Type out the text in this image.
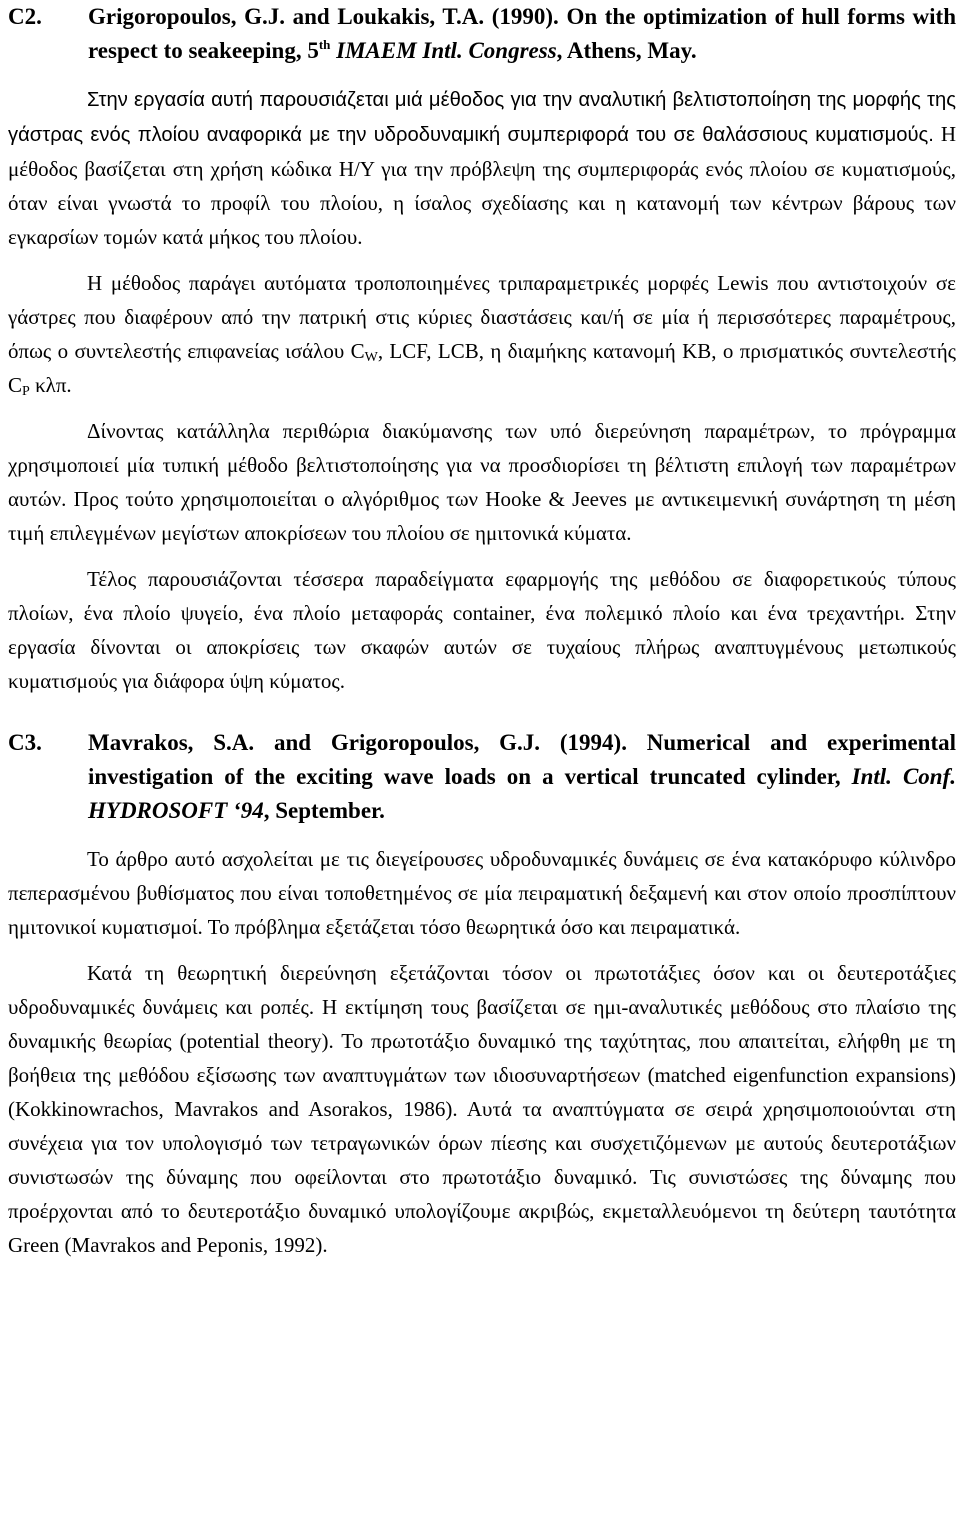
C2.	Grigoropoulos, G.J. and Loukakis, T.A. (1990). On the optimization of hull forms with respect to seakeeping, 5th IMAEM Intl. Congress, Athens, May.

Στην εργασία αυτή παρουσιάζεται μιά μέθοδος για την αναλυτική βελτιστοποίηση της μορφής της γάστρας ενός πλοίου αναφορικά με την υδροδυναμική συμπεριφορά του σε θαλάσσιους κυματισμούς. Η μέθοδος βασίζεται στη χρήση κώδικα Η/Υ για την πρόβλεψη της συμπεριφοράς ενός πλοίου σε κυματισμούς, όταν είναι γνωστά το προφίλ του πλοίου, η ίσαλος σχεδίασης και η κατανομή των κέντρων βάρους των εγκαρσίων τομών κατά μήκος του πλοίου.

Η μέθοδος παράγει αυτόματα τροποποιημένες τριπαραμετρικές μορφές Lewis που αντιστοιχούν σε γάστρες που διαφέρουν από την πατρική στις κύριες διαστάσεις και/ή σε μία ή περισσότερες παραμέτρους, όπως ο συντελεστής επιφανείας ισάλου $C_W$, LCF, LCB, η διαμήκης κατανομή ΚΒ, ο πρισματικός συντελεστής $C_P$ κλπ.

Δίνοντας κατάλληλα περιθώρια διακύμανσης των υπό διερεύνηση παραμέτρων, το πρόγραμμα χρησιμοποιεί μία τυπική μέθοδο βελτιστοποίησης για να προσδιορίσει τη βέλτιστη επιλογή των παραμέτρων αυτών. Προς τούτο χρησιμοποιείται ο αλγόριθμος των Hooke & Jeeves με αντικειμενική συνάρτηση τη μέση τιμή επιλεγμένων μεγίστων αποκρίσεων του πλοίου σε ημιτονικά κύματα.

Τέλος παρουσιάζονται τέσσερα παραδείγματα εφαρμογής της μεθόδου σε διαφορετικούς τύπους πλοίων, ένα πλοίο ψυγείο, ένα πλοίο μεταφοράς container, ένα πολεμικό πλοίο και ένα τρεχαντήρι. Στην εργασία δίνονται οι αποκρίσεις των σκαφών αυτών σε τυχαίους πλήρως αναπτυγμένους μετωπικούς κυματισμούς για διάφορα ύψη κύματος.

C3.	Mavrakos, S.A. and Grigoropoulos, G.J. (1994). Numerical and experimental investigation of the exciting wave loads on a vertical truncated cylinder, Intl. Conf. HYDROSOFT ‘94, September.

Το άρθρο αυτό ασχολείται με τις διεγείρουσες υδροδυναμικές δυνάμεις σε ένα κατακόρυφο κύλινδρο πεπερασμένου βυθίσματος που είναι τοποθετημένος σε μία πειραματική δεξαμενή και στον οποίο προσπίπτουν ημιτονικοί κυματισμοί. Το πρόβλημα εξετάζεται τόσο θεωρητικά όσο και πειραματικά.

Κατά τη θεωρητική διερεύνηση εξετάζονται τόσον οι πρωτοτάξιες όσον και οι δευτεροτάξιες υδροδυναμικές δυνάμεις και ροπές. Η εκτίμηση τους βασίζεται σε ημι-αναλυτικές μεθόδους στο πλαίσιο της δυναμικής θεωρίας (potential theory). Το πρωτοτάξιο δυναμικό της ταχύτητας, που απαιτείται, ελήφθη με τη βοήθεια της μεθόδου εξίσωσης των αναπτυγμάτων των ιδιοσυναρτήσεων (matched eigenfunction expansions) (Kokkinowrachos, Mavrakos and Asorakos, 1986). Αυτά τα αναπτύγματα σε σειρά χρησιμοποιούνται στη συνέχεια για τον υπολογισμό των τετραγωνικών όρων πίεσης και συσχετιζόμενων με αυτούς δευτεροτάξιων συνιστωσών της δύναμης που οφείλονται στο πρωτοτάξιο δυναμικό. Τις συνιστώσες της δύναμης που προέρχονται από το δευτεροτάξιο δυναμικό υπολογίζουμε ακριβώς, εκμεταλλευόμενοι τη δεύτερη ταυτότητα Green (Mavrakos and Peponis, 1992).
